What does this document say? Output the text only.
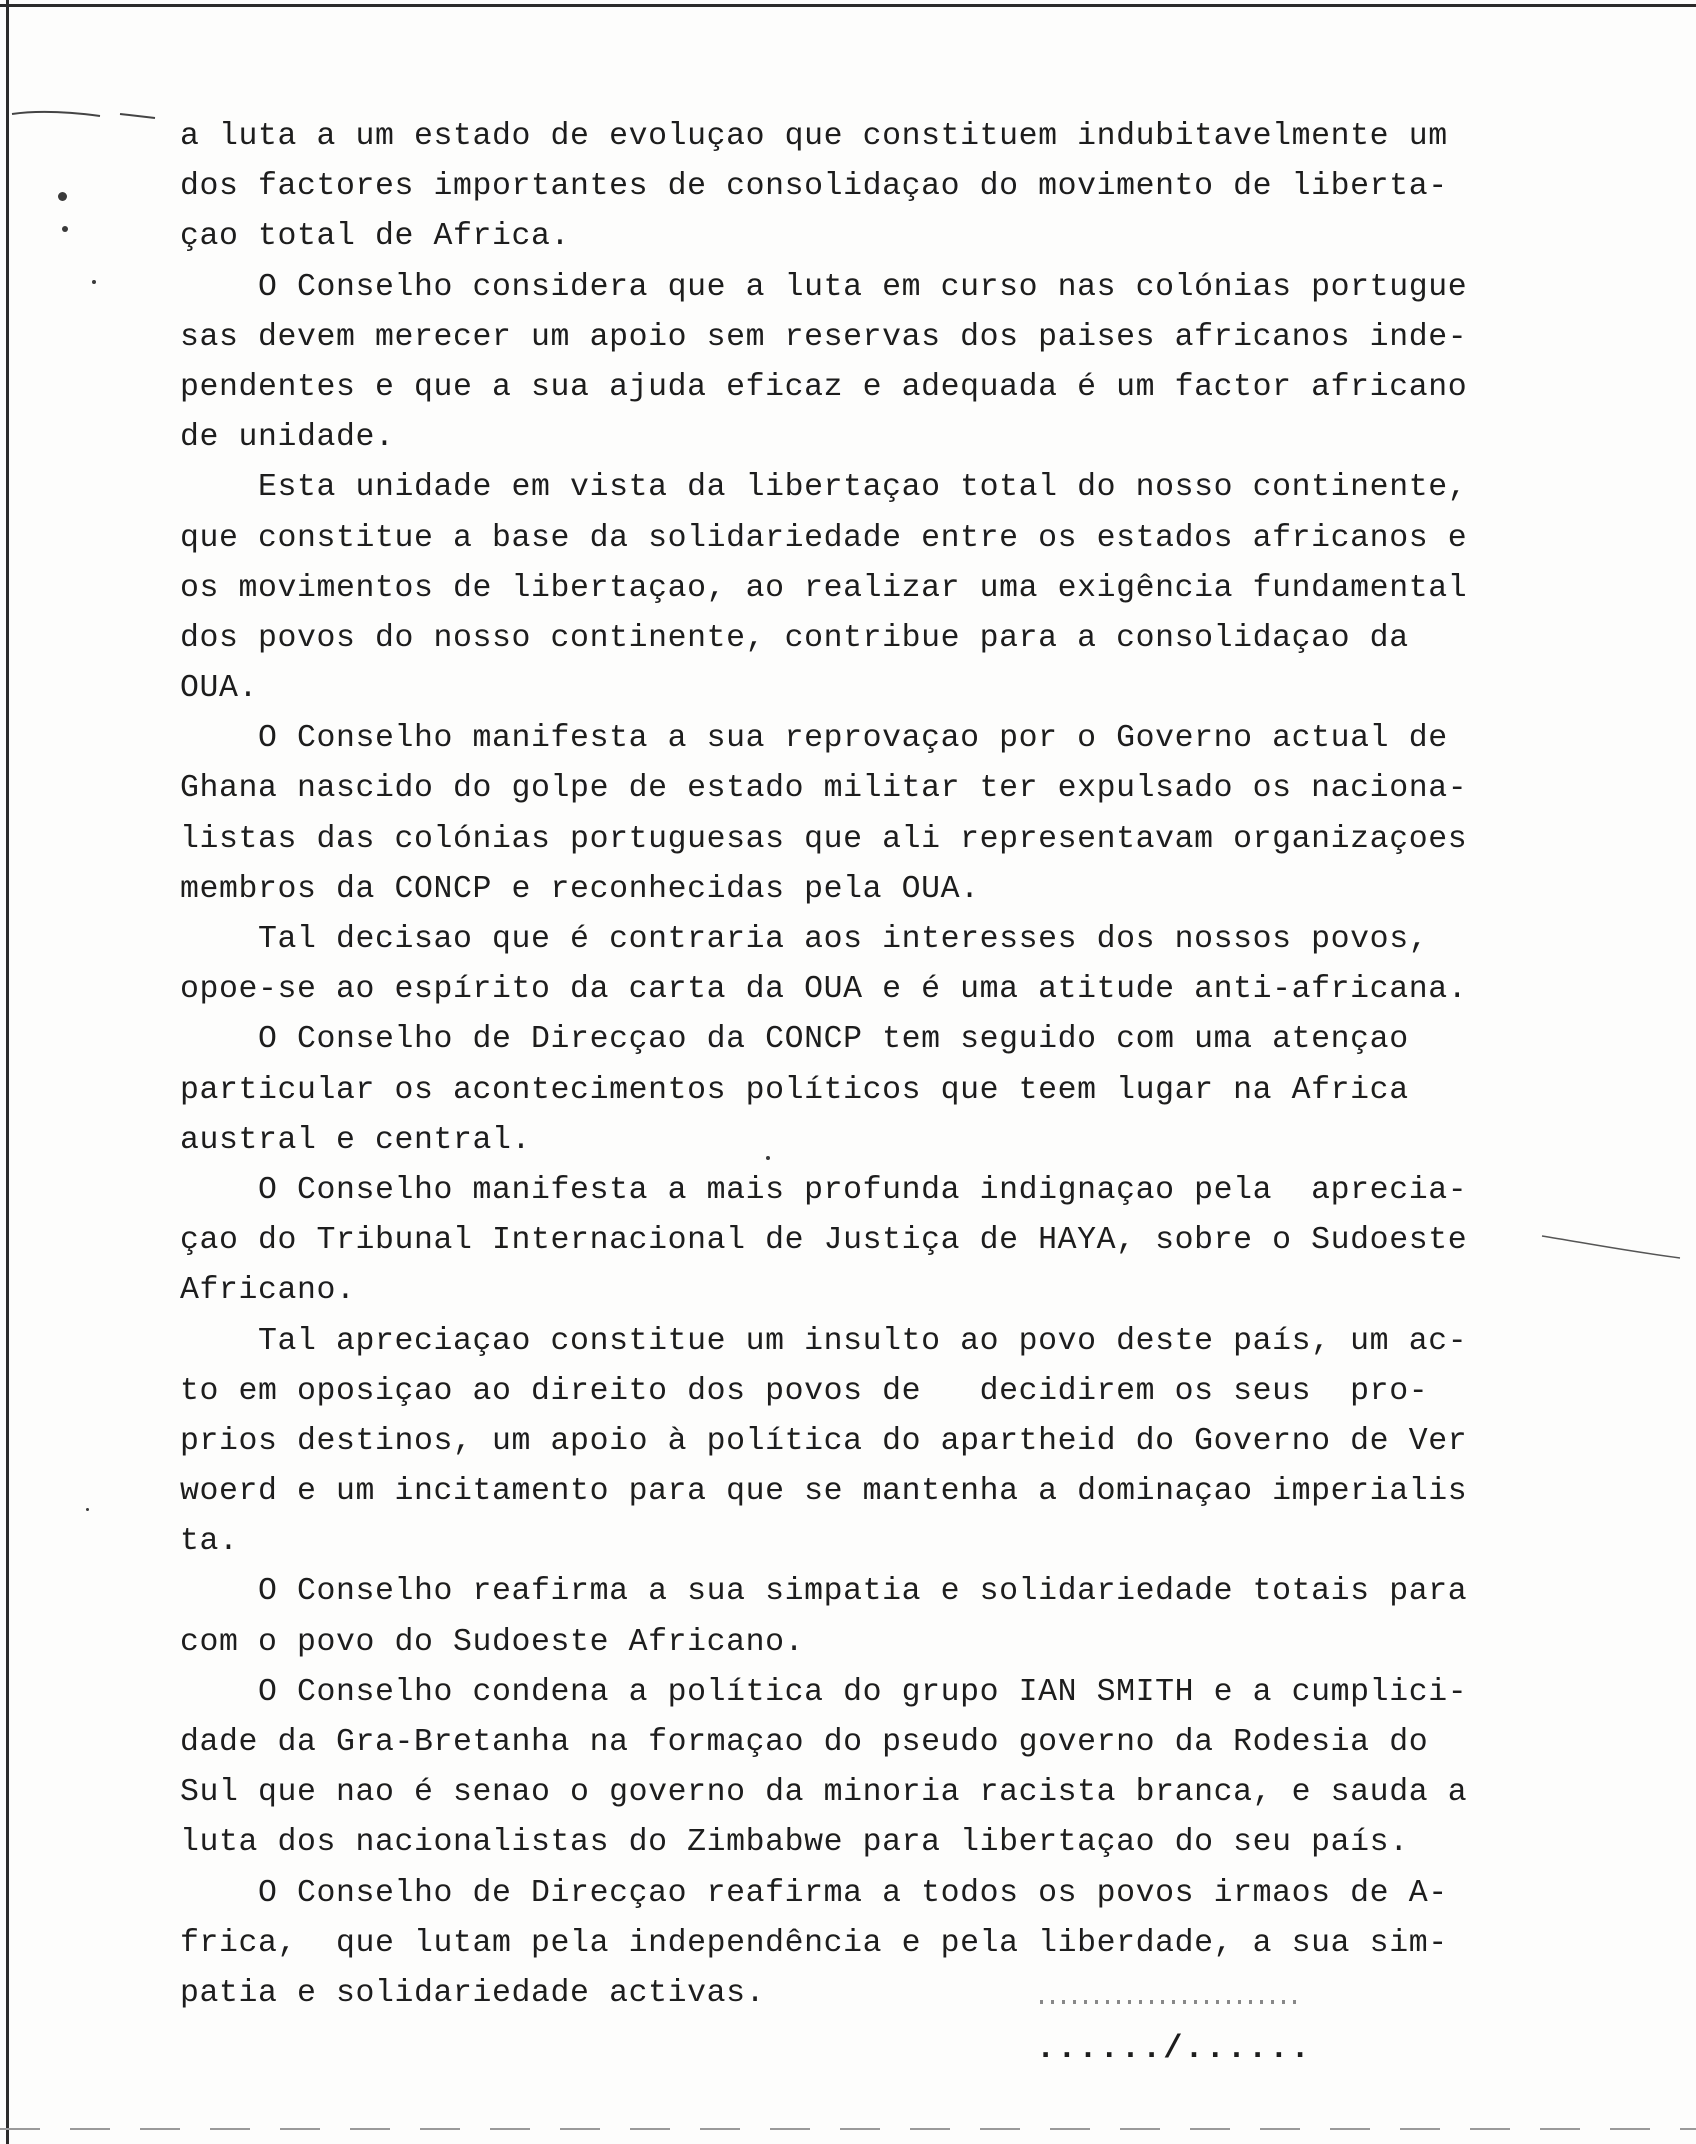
a luta a um estado de evoluçao que constituem indubitavelmente um
dos factores importantes de consolidaçao do movimento de liberta-
çao total de Africa.
O Conselho considera que a luta em curso nas colónias portugue
sas devem merecer um apoio sem reservas dos paises africanos inde-
pendentes e que a sua ajuda eficaz e adequada é um factor africano
de unidade.
Esta unidade em vista da libertaçao total do nosso continente,
que constitue a base da solidariedade entre os estados africanos e
os movimentos de libertaçao, ao realizar uma exigência fundamental
dos povos do nosso continente, contribue para a consolidaçao da
OUA.
O Conselho manifesta a sua reprovaçao por o Governo actual de
Ghana nascido do golpe de estado militar ter expulsado os naciona-
listas das colónias portuguesas que ali representavam organizaçoes
membros da CONCP e reconhecidas pela OUA.
Tal decisao que é contraria aos interesses dos nossos povos,
opoe-se ao espírito da carta da OUA e é uma atitude anti-africana.
O Conselho de Direcçao da CONCP tem seguido com uma atençao
particular os acontecimentos políticos que teem lugar na Africa
austral e central.
O Conselho manifesta a mais profunda indignaçao pela  aprecia-
çao do Tribunal Internacional de Justiça de HAYA, sobre o Sudoeste
Africano.
Tal apreciaçao constitue um insulto ao povo deste país, um ac-
to em oposiçao ao direito dos povos de   decidirem os seus  pro-
prios destinos, um apoio à política do apartheid do Governo de Ver
woerd e um incitamento para que se mantenha a dominaçao imperialis
ta.
O Conselho reafirma a sua simpatia e solidariedade totais para
com o povo do Sudoeste Africano.
O Conselho condena a política do grupo IAN SMITH e a cumplici-
dade da Gra-Bretanha na formaçao do pseudo governo da Rodesia do
Sul que nao é senao o governo da minoria racista branca, e sauda a
luta dos nacionalistas do Zimbabwe para libertaçao do seu país.
O Conselho de Direcçao reafirma a todos os povos irmaos de A-
frica,  que lutam pela independência e pela liberdade, a sua sim-
patia e solidariedade activas.
....../......
